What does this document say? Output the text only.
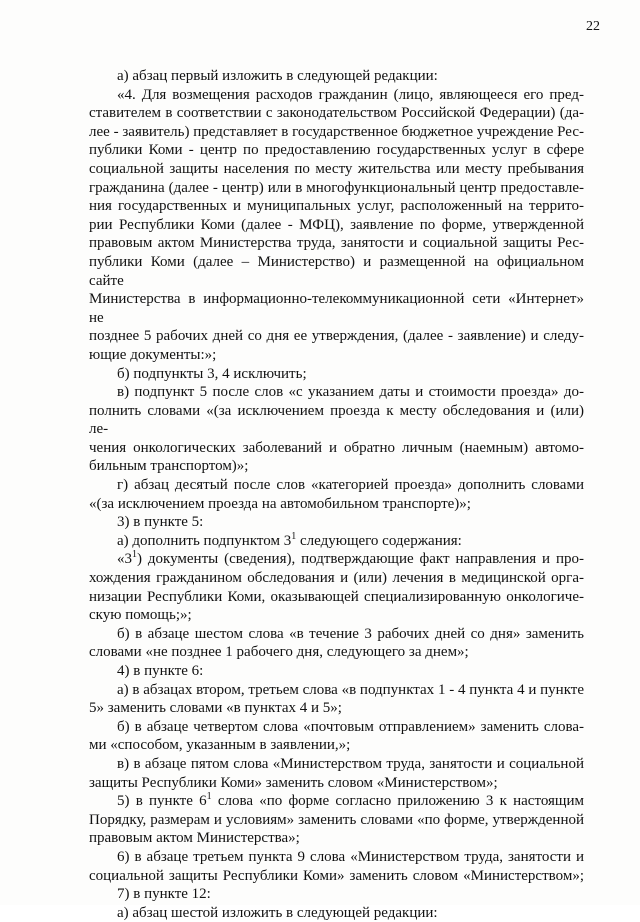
22
а) абзац первый изложить в следующей редакции:
«4. Для возмещения расходов гражданин (лицо, являющееся его пред-
ставителем в соответствии с законодательством Российской Федерации) (да-
лее - заявитель) представляет в государственное бюджетное учреждение Рес-
публики Коми - центр по предоставлению государственных услуг в сфере
социальной защиты населения по месту жительства или месту пребывания
гражданина (далее - центр) или в многофункциональный центр предоставле-
ния государственных и муниципальных услуг, расположенный на террито-
рии Республики Коми (далее - МФЦ), заявление по форме, утвержденной
правовым актом Министерства труда, занятости и социальной защиты Рес-
публики Коми (далее – Министерство) и размещенной на официальном сайте
Министерства в информационно-телекоммуникационной сети «Интернет» не
позднее 5 рабочих дней со дня ее утверждения, (далее - заявление) и следу-
ющие документы:»;
б) подпункты 3, 4 исключить;
в) подпункт 5 после слов «с указанием даты и стоимости проезда» до-
полнить словами «(за исключением проезда к месту обследования и (или) ле-
чения онкологических заболеваний и обратно личным (наемным) автомо-
бильным транспортом)»;
г) абзац десятый после слов «категорией проезда» дополнить словами
«(за исключением проезда на автомобильном транспорте)»;
3) в пункте 5:
а) дополнить подпунктом $3^1$ следующего содержания:
«$3^1$) документы (сведения), подтверждающие факт направления и про-
хождения гражданином обследования и (или) лечения в медицинской орга-
низации Республики Коми, оказывающей специализированную онкологиче-
скую помощь;»;
б) в абзаце шестом слова «в течение 3 рабочих дней со дня» заменить
словами «не позднее 1 рабочего дня, следующего за днем»;
4) в пункте 6:
а) в абзацах втором, третьем слова «в подпунктах 1 - 4 пункта 4 и пункте
5» заменить словами «в пунктах 4 и 5»;
б) в абзаце четвертом слова «почтовым отправлением» заменить слова-
ми «способом, указанным в заявлении,»;
в) в абзаце пятом слова «Министерством труда, занятости и социальной
защиты Республики Коми» заменить словом «Министерством»;
5) в пункте $6^1$ слова «по форме согласно приложению 3 к настоящим
Порядку, размерам и условиям» заменить словами «по форме, утвержденной
правовым актом Министерства»;
6) в абзаце третьем пункта 9 слова «Министерством труда, занятости и
социальной защиты Республики Коми» заменить словом «Министерством»;
7) в пункте 12:
а) абзац шестой изложить в следующей редакции:
